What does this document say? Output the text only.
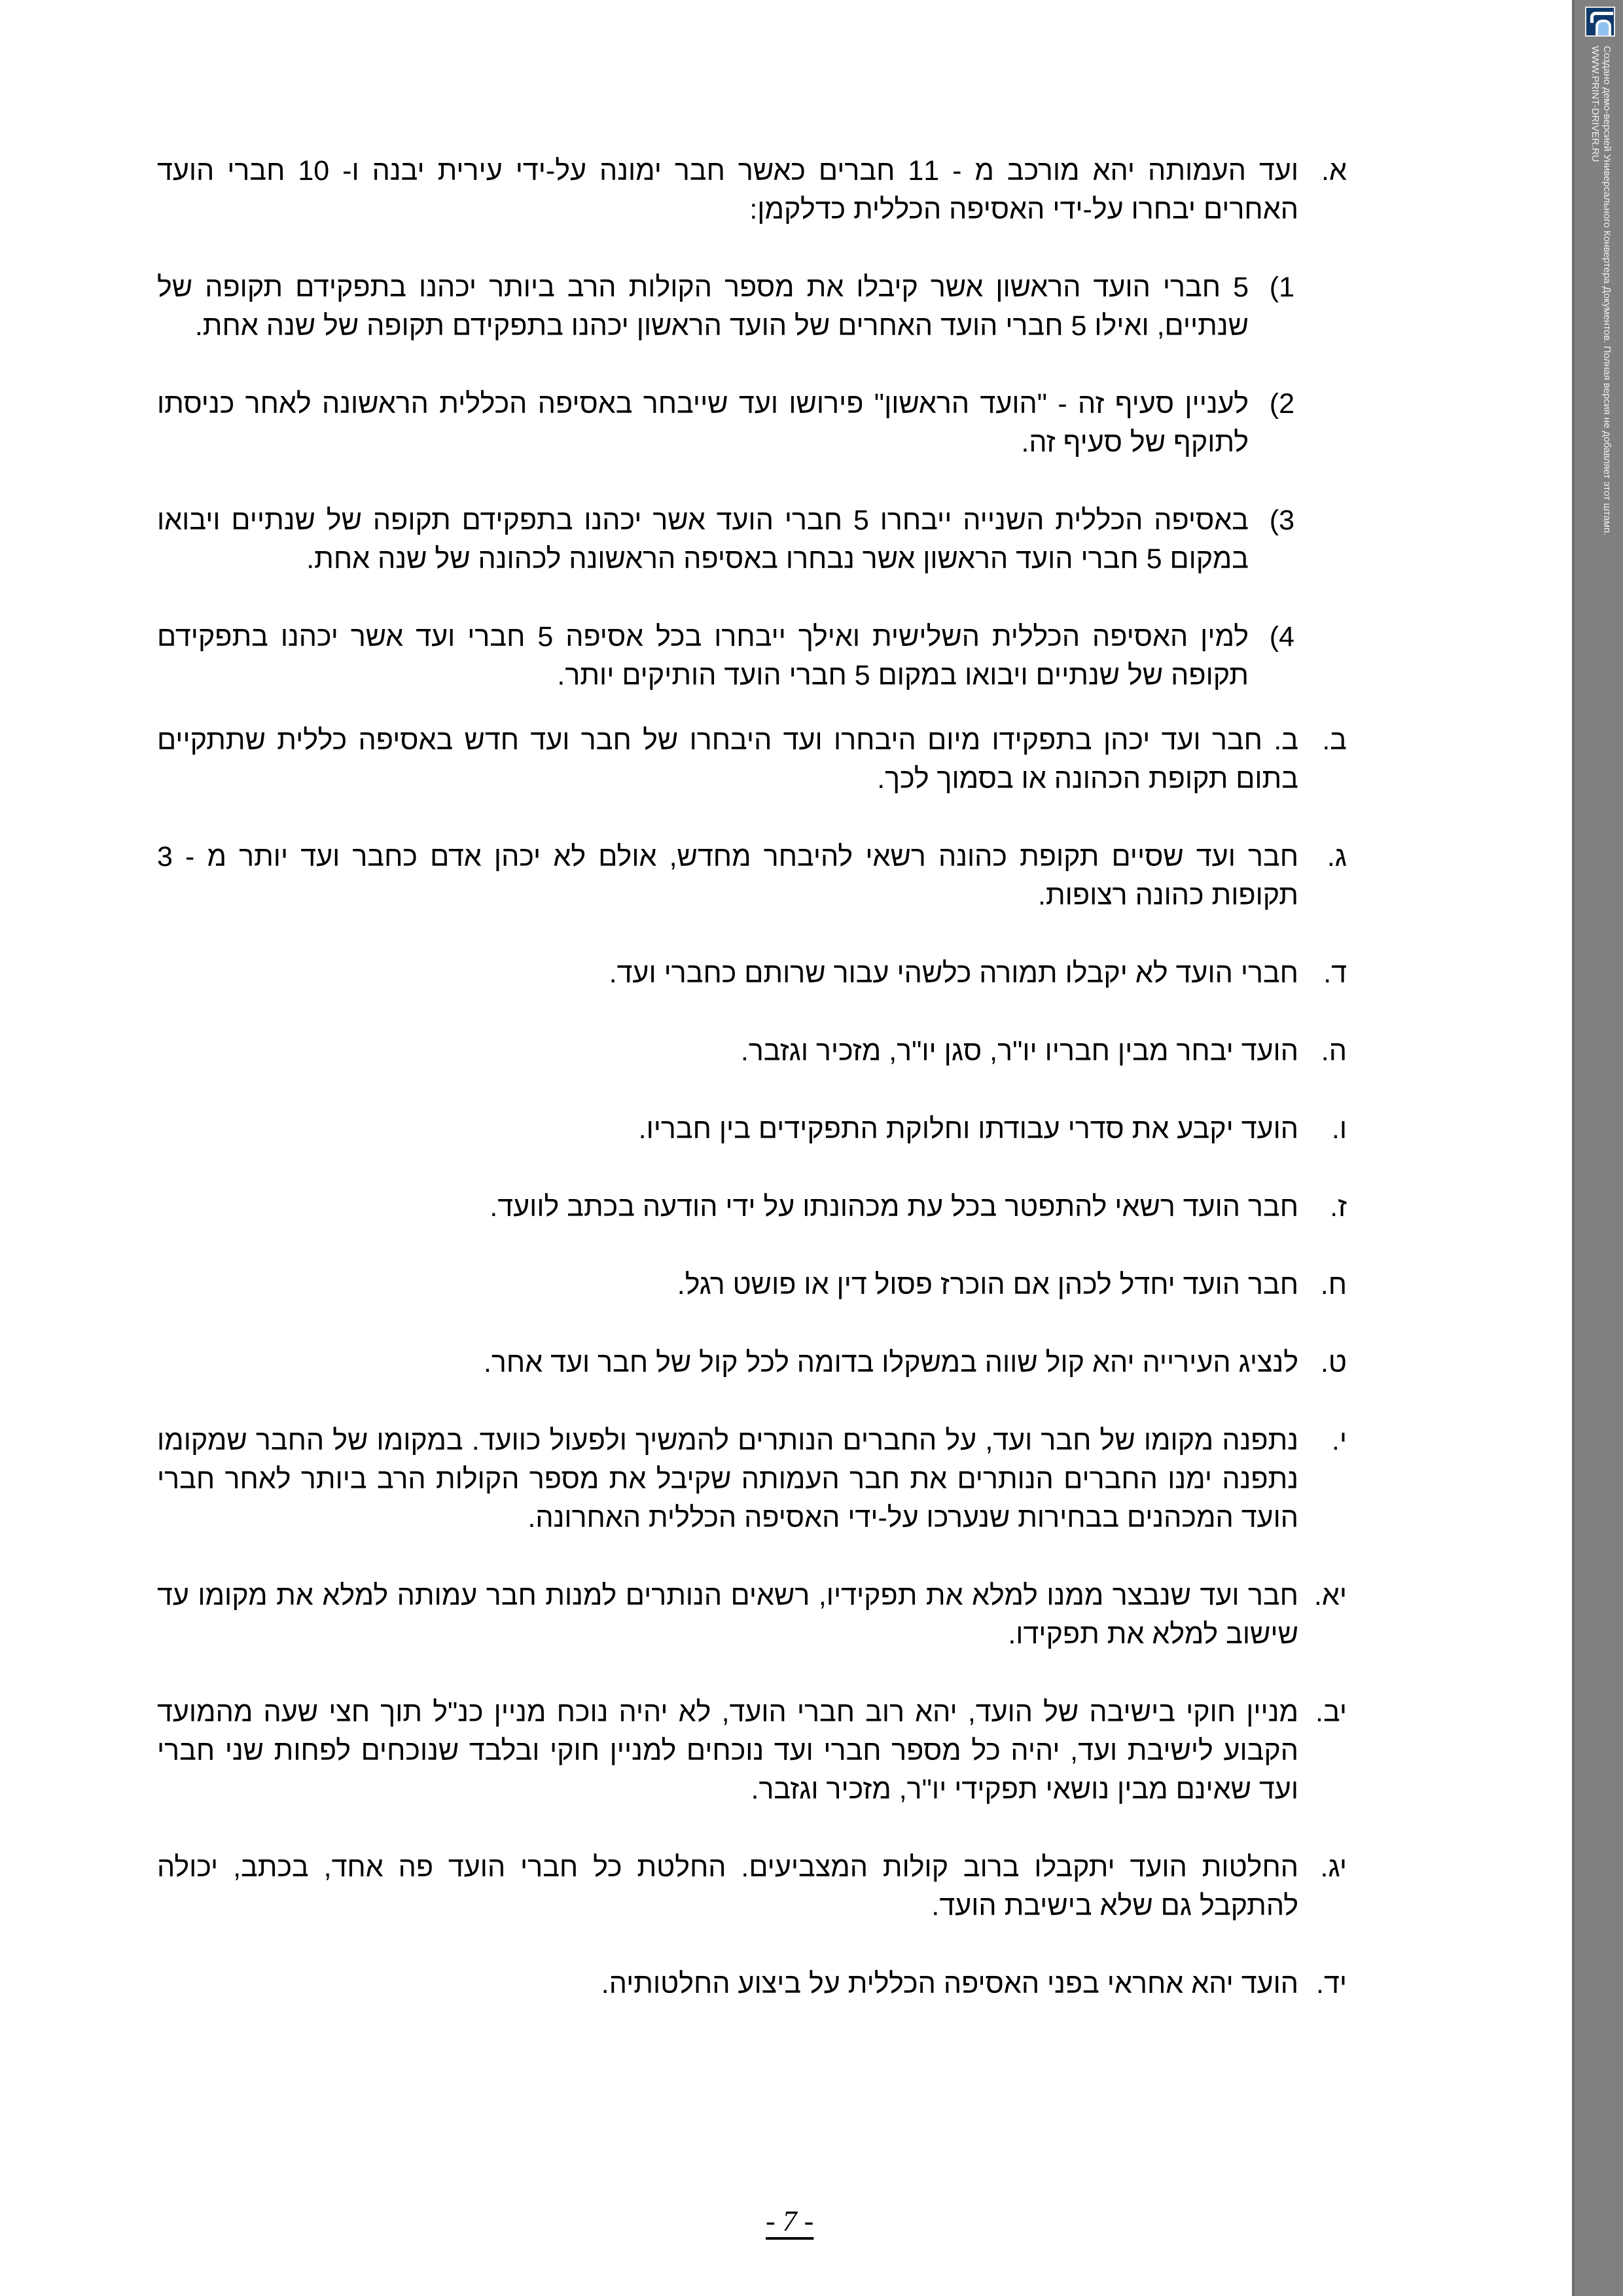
א.
ועד העמותה יהא מורכב מ - 11 חברים כאשר חבר ימונה על-ידי עירית יבנה ו- 10 חברי הועד האחרים יבחרו על-ידי האסיפה הכללית כדלקמן:
1)
5 חברי הועד הראשון אשר קיבלו את מספר הקולות הרב ביותר יכהנו בתפקידם תקופה של שנתיים, ואילו 5 חברי הועד האחרים של הועד הראשון יכהנו בתפקידם תקופה של שנה אחת.
2)
לעניין סעיף זה - "הועד הראשון" פירושו ועד שייבחר באסיפה הכללית הראשונה לאחר כניסתו לתוקף של סעיף זה.
3)
באסיפה הכללית השנייה ייבחרו 5 חברי הועד אשר יכהנו בתפקידם תקופה של שנתיים ויבואו במקום 5 חברי הועד הראשון אשר נבחרו באסיפה הראשונה לכהונה של שנה אחת.
4)
למין האסיפה הכללית השלישית ואילך ייבחרו בכל אסיפה 5 חברי ועד אשר יכהנו בתפקידם תקופה של שנתיים ויבואו במקום 5 חברי הועד הותיקים יותר.
ב.
ב. חבר ועד יכהן בתפקידו מיום היבחרו ועד היבחרו של חבר ועד חדש באסיפה כללית שתתקיים בתום תקופת הכהונה או בסמוך לכך.
ג.
חבר ועד שסיים תקופת כהונה רשאי להיבחר מחדש, אולם לא יכהן אדם כחבר ועד יותר מ - 3 תקופות כהונה רצופות.
ד.
חברי הועד לא יקבלו תמורה כלשהי עבור שרותם כחברי ועד.
ה.
הועד יבחר מבין חבריו יו"ר, סגן יו"ר, מזכיר וגזבר.
ו.
הועד יקבע את סדרי עבודתו וחלוקת התפקידים בין חבריו.
ז.
חבר הועד רשאי להתפטר בכל עת מכהונתו על ידי הודעה בכתב לוועד.
ח.
חבר הועד יחדל לכהן אם הוכרז פסול דין או פושט רגל.
ט.
לנציג העירייה יהא קול שווה במשקלו בדומה לכל קול של חבר ועד אחר.
י.
נתפנה מקומו של חבר ועד, על החברים הנותרים להמשיך ולפעול כוועד. במקומו של החבר שמקומו נתפנה ימנו החברים הנותרים את חבר העמותה שקיבל את מספר הקולות הרב ביותר לאחר חברי הועד המכהנים בבחירות שנערכו על-ידי האסיפה הכללית האחרונה.
יא.
חבר ועד שנבצר ממנו למלא את תפקידיו, רשאים הנותרים למנות חבר עמותה למלא את מקומו עד שישוב למלא את תפקידו.
יב.
מניין חוקי בישיבה של הועד, יהא רוב חברי הועד, לא יהיה נוכח מניין כנ"ל תוך חצי שעה מהמועד הקבוע לישיבת ועד, יהיה כל מספר חברי ועד נוכחים למניין חוקי ובלבד שנוכחים לפחות שני חברי ועד שאינם מבין נושאי תפקידי יו"ר, מזכיר וגזבר.
יג.
החלטות הועד יתקבלו ברוב קולות המצביעים. החלטת כל חברי הועד פה אחד, בכתב, יכולה להתקבל גם שלא בישיבת הועד.
יד.
הועד יהא אחראי בפני האסיפה הכללית על ביצוע החלטותיה.
- 7 -
Создано демо-версией Универсального Конвертера Документов. Полная версия не добавляет этот штамп.
WWW.PRINT-DRIVER.RU
